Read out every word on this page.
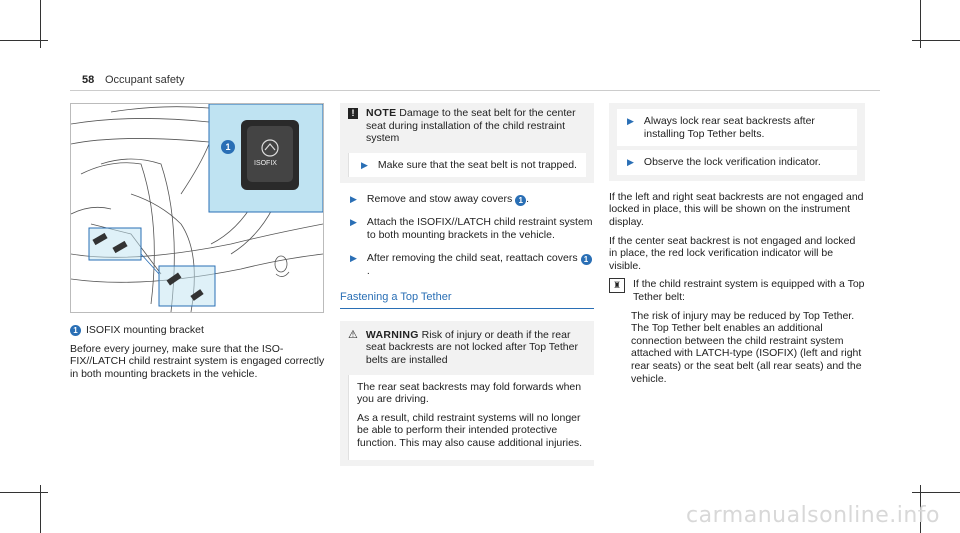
58 Occupant safety
1
ISOFIX
1 ISOFIX mounting bracket

Before every journey, make sure that the ISO-FIX//LATCH child restraint system is engaged correctly in both mounting brackets in the vehicle.

!	NOTE Damage to the seat belt for the center seat during installation of the child restraint system
▶ Make sure that the seat belt is not trapped.
▶ Remove and stow away covers 1 .
▶ Attach the ISOFIX//LATCH child restraint system to both mounting brackets in the vehicle.
▶ After removing the child seat, reattach covers 1.
Fastening a Top Tether
⚠ WARNING Risk of injury or death if the rear seat backrests are not locked after Top Tether belts are installed

The rear seat backrests may fold forwards when you are driving.

As a result, child restraint systems will no longer be able to perform their intended protective function. This may also cause additional injuries.

▶ Always lock rear seat backrests after installing Top Tether belts.
▶ Observe the lock verification indicator.

If the left and right seat backrests are not engaged and locked in place, this will be shown on the instrument display.

If the center seat backrest is not engaged and locked in place, the red lock verification indicator will be visible.

♜	If the child restraint system is equipped with a Top Tether belt:

The risk of injury may be reduced by Top Tether. The Top Tether belt enables an additional connection between the child restraint system attached with LATCH-type (ISOFIX) (left and right rear seats) or the seat belt (all rear seats) and the vehicle.

carmanualsonline.info
